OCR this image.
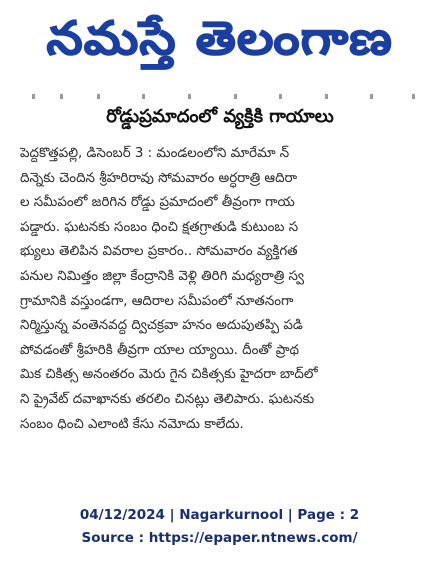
నమస్తే తెలంగాణ
రోడ్డుప్రమాదంలో వ్యక్తికి గాయాలు

పెద్దకొత్తపల్లి, డిసెంబర్ 3 : మండలంలోని మారేమా న్
దిన్నెకు చెందిన శ్రీహరిరావు సోమవారం అర్ధరాత్రి ఆదిరా
ల సమీపంలో జరిగిన రోడ్డు ప్రమాదంలో తీవ్రంగా గాయ
పడ్డారు. ఘటనకు సంబం ధించి క్షతగ్రాతుడి కుటుంబ స
భ్యులు తెలిపిన వివరాల ప్రకారం.. సోమవారం వ్యక్తిగత
పనుల నిమిత్తం జిల్లా కేంద్రానికి వెళ్లి తిరిగి మధ్యరాత్రి స్వ
గ్రామానికి వస్తుండగా, ఆదిరాల సమీపంలో నూతనంగా
నిర్మిస్తున్న వంతెనవద్ద ద్విచక్రవా హనం అదుపుతప్పి పడి
పోవడంతో శ్రీహరికి తీవ్రగా యాల య్యాయి. దీంతో ప్రాథ
మిక చికిత్స అనంతరం మెరు గైన చికిత్సకు హైదరా బాద్‌లో
ని ప్రైవేట్ దవాఖానకు తరలిం చినట్లు తెలిపారు. ఘటనకు
సంబం ధించి ఎలాంటి కేసు నమోదు కాలేదు.

04/12/2024 | Nagarkurnool | Page : 2
Source : https://epaper.ntnews.com/
